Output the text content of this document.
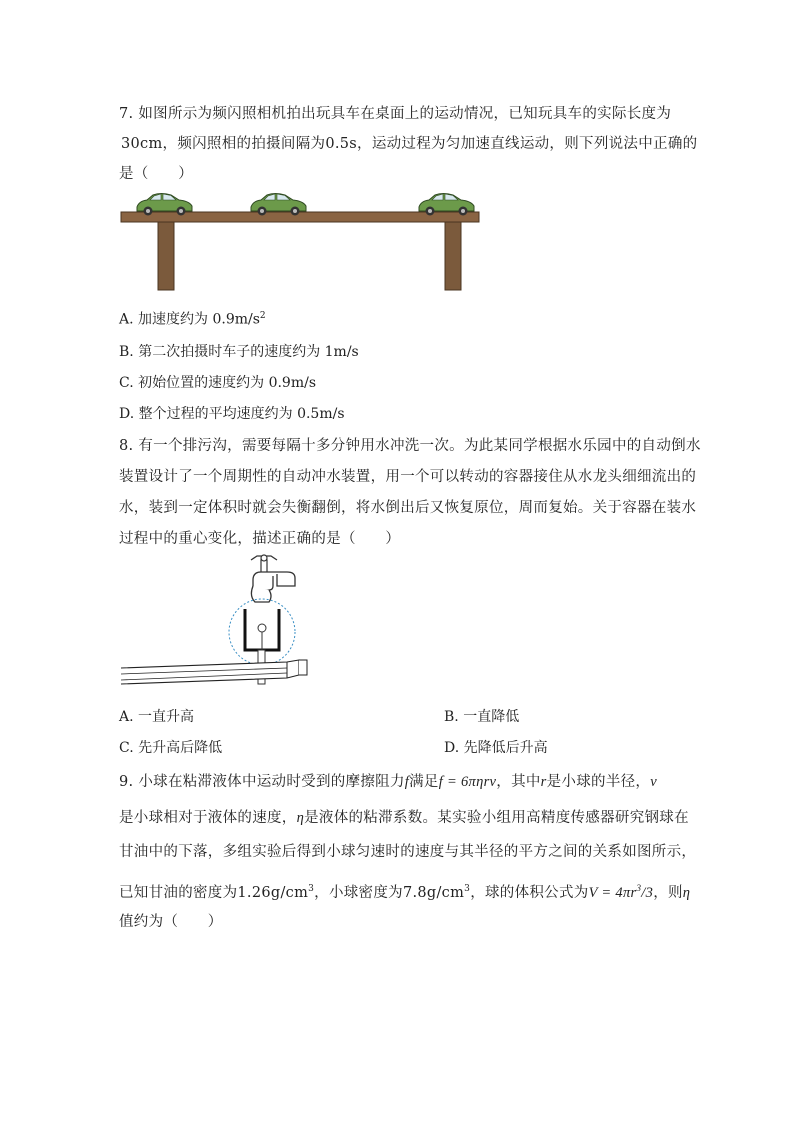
7. 如图所示为频闪照相机拍出玩具车在桌面上的运动情况，已知玩具车的实际长度为
30cm，频闪照相的拍摄间隔为0.5s，运动过程为匀加速直线运动，则下列说法中正确的
是（　　）
A. 加速度约为 $0.9m/s^2$
B. 第二次拍摄时车子的速度约为 1m/s
C. 初始位置的速度约为 0.9m/s
D. 整个过程的平均速度约为 0.5m/s
8. 有一个排污沟，需要每隔十多分钟用水冲洗一次。为此某同学根据水乐园中的自动倒水
装置设计了一个周期性的自动冲水装置，用一个可以转动的容器接住从水龙头细细流出的
水，装到一定体积时就会失衡翻倒，将水倒出后又恢复原位，周而复始。关于容器在装水
过程中的重心变化，描述正确的是（　　）
A. 一直升高	B. 一直降低
C. 先升高后降低	D. 先降低后升高
9. 小球在粘滞液体中运动时受到的摩擦阻力f满足f = 6πηrv，其中r是小球的半径，v
是小球相对于液体的速度，η是液体的粘滞系数。某实验小组用高精度传感器研究钢球在
甘油中的下落，多组实验后得到小球匀速时的速度与其半径的平方之间的关系如图所示，
已知甘油的密度为$1.26g/cm^3$，小球密度为$7.8g/cm^3$，球的体积公式为$V = 4\pi r^3/3$，则η
值约为（　　）
